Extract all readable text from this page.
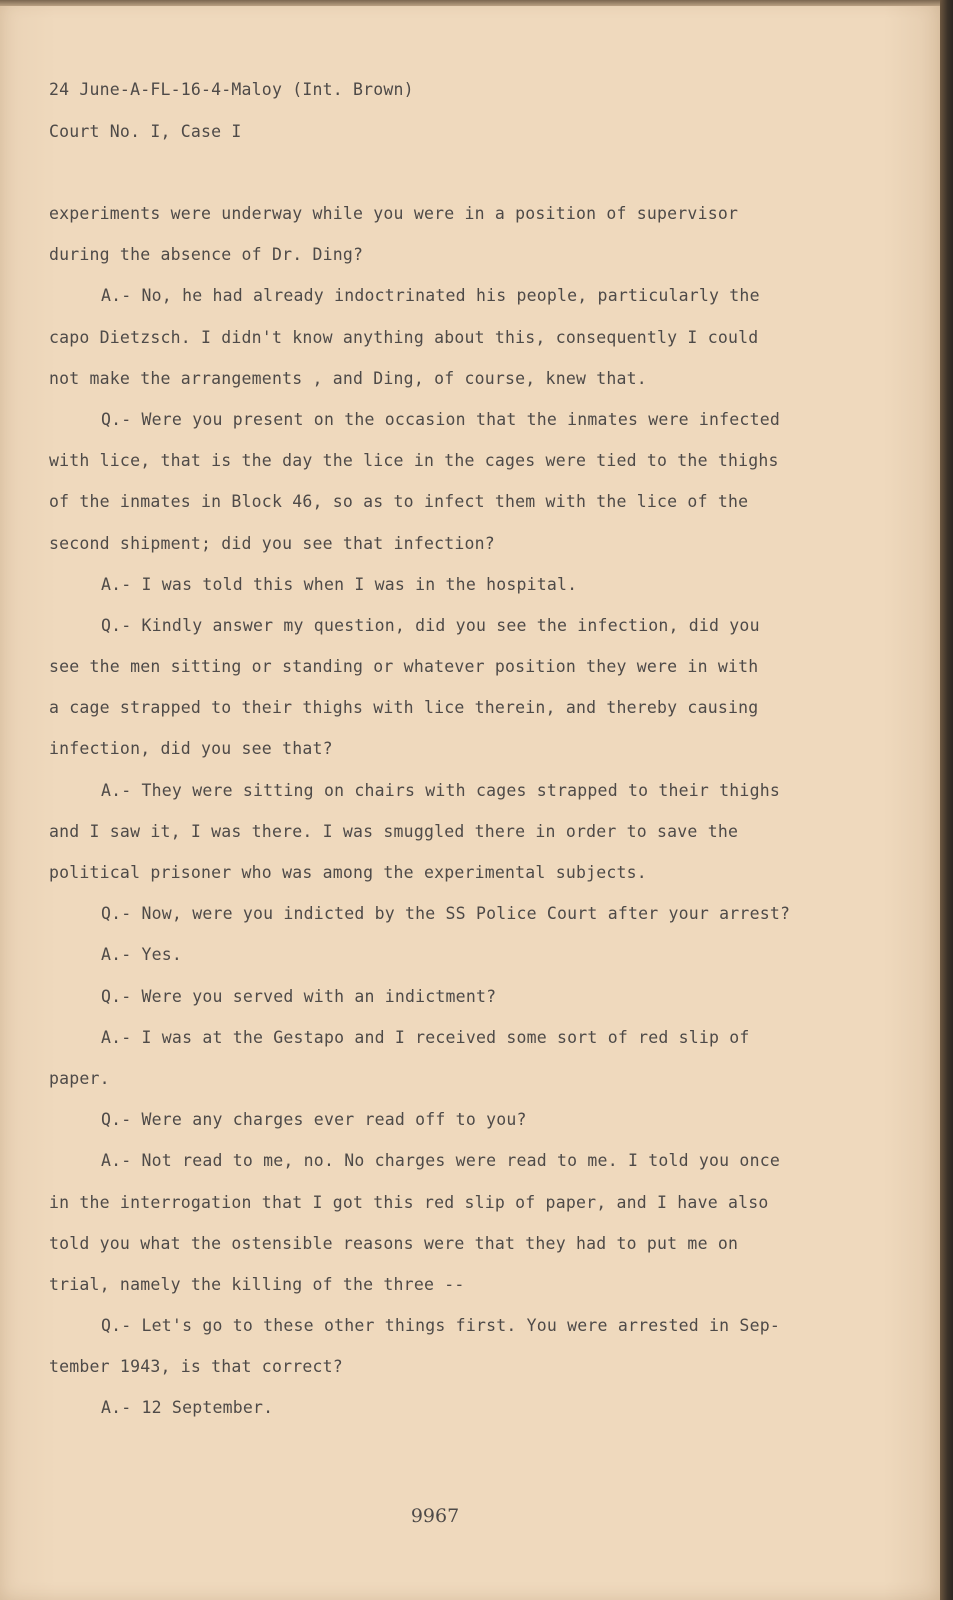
24 June-A-FL-16-4-Maloy (Int. Brown)
Court No. I, Case I
experiments were underway while you were in a position of supervisor
during the absence of Dr. Ding?
A.- No, he had already indoctrinated his people, particularly the
capo Dietzsch. I didn't know anything about this, consequently I could
not make the arrangements , and Ding, of course, knew that.
Q.- Were you present on the occasion that the inmates were infected
with lice, that is the day the lice in the cages were tied to the thighs
of the inmates in Block 46, so as to infect them with the lice of the
second shipment; did you see that infection?
A.- I was told this when I was in the hospital.
Q.- Kindly answer my question, did you see the infection, did you
see the men sitting or standing or whatever position they were in with
a cage strapped to their thighs with lice therein, and thereby causing
infection, did you see that?
A.- They were sitting on chairs with cages strapped to their thighs
and I saw it, I was there. I was smuggled there in order to save the
political prisoner who was among the experimental subjects.
Q.- Now, were you indicted by the SS Police Court after your arrest?
A.- Yes.
Q.- Were you served with an indictment?
A.- I was at the Gestapo and I received some sort of red slip of
paper.
Q.- Were any charges ever read off to you?
A.- Not read to me, no. No charges were read to me. I told you once
in the interrogation that I got this red slip of paper, and I have also
told you what the ostensible reasons were that they had to put me on
trial, namely the killing of the three --
Q.- Let's go to these other things first. You were arrested in Sep-
tember 1943, is that correct?
A.- 12 September.
9967
